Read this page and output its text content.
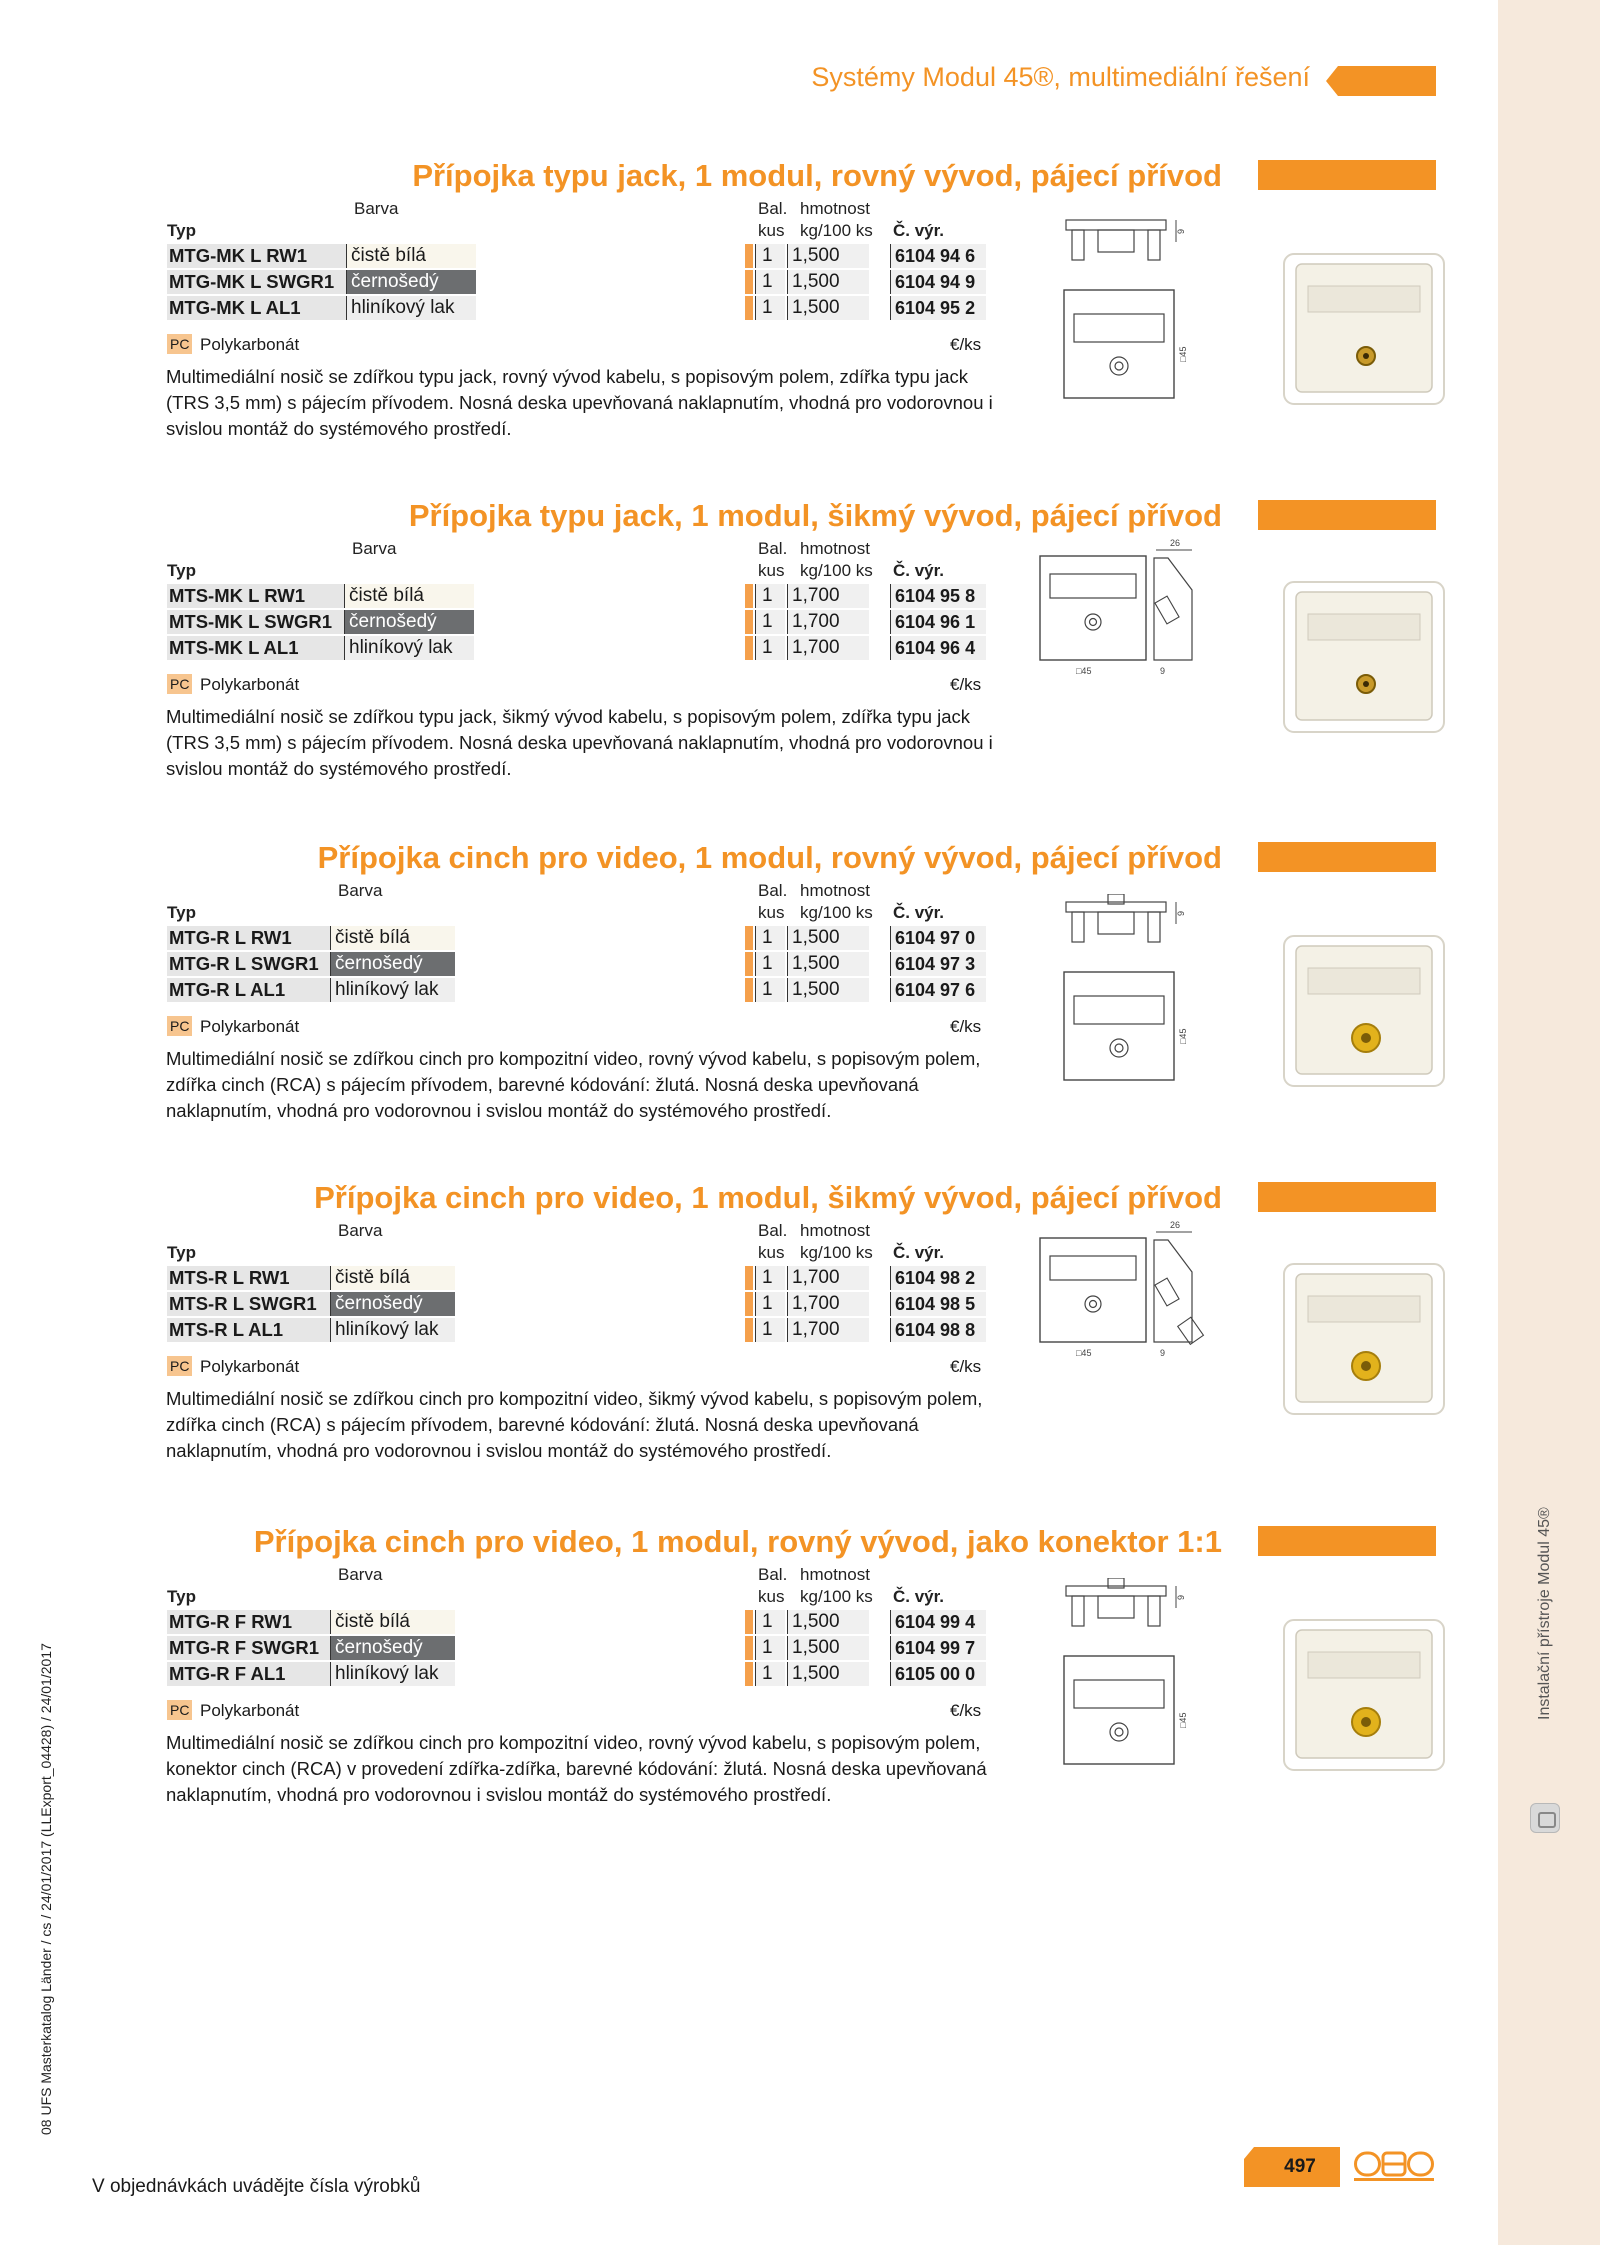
Instalační přístroje Modul 45®
08 UFS Masterkatalog Länder / cs / 24/01/2017 (LLExport_04428) / 24/01/2017
Systémy Modul 45®, multimediální řešení
Přípojka typu jack, 1 modul, rovný vývod, pájecí přívod
Barva
Typ
Bal. hmotnost
kus kg/100 ks Č. výr.
MTG-MK L RW1	čistě bílá	1	1,500	6104 94 6
MTG-MK L SWGR1 černošedý	1	1,500	6104 94 9
MTG-MK L AL1	hliníkový lak	1	1,500	6104 95 2
PC Polykarbonát	€/ks
Multimediální nosič se zdířkou typu jack, rovný vývod kabelu, s popisovým polem, zdířka typu jack (TRS 3,5 mm) s pájecím přívodem. Nosná deska upevňovaná naklapnutím, vhodná pro vodorovnou i svislou montáž do systémového prostředí.
9
□45
Přípojka typu jack, 1 modul, šikmý vývod, pájecí přívod
Barva
Typ
Bal. hmotnost
kus kg/100 ks Č. výr.
MTS-MK L RW1	čistě bílá	1	1,700	6104 95 8
MTS-MK L SWGR1 černošedý	1	1,700	6104 96 1
MTS-MK L AL1	hliníkový lak	1	1,700	6104 96 4
PC Polykarbonát	€/ks
Multimediální nosič se zdířkou typu jack, šikmý vývod kabelu, s popisovým polem, zdířka typu jack (TRS 3,5 mm) s pájecím přívodem. Nosná deska upevňovaná naklapnutím, vhodná pro vodorovnou i svislou montáž do systémového prostředí.
26
□45	9
Přípojka cinch pro video, 1 modul, rovný vývod, pájecí přívod
Barva
Typ
Bal. hmotnost
kus kg/100 ks Č. výr.
MTG-R L RW1	čistě bílá	1	1,500	6104 97 0
MTG-R L SWGR1 černošedý	1	1,500	6104 97 3
MTG-R L AL1	hliníkový lak	1	1,500	6104 97 6
PC Polykarbonát	€/ks
Multimediální nosič se zdířkou cinch pro kompozitní video, rovný vývod kabelu, s popisovým polem, zdířka cinch (RCA) s pájecím přívodem, barevné kódování: žlutá. Nosná deska upevňovaná naklapnutím, vhodná pro vodorovnou i svislou montáž do systémového prostředí.
9
□45
Přípojka cinch pro video, 1 modul, šikmý vývod, pájecí přívod
Barva
Typ
Bal. hmotnost
kus kg/100 ks Č. výr.
MTS-R L RW1	čistě bílá	1	1,700	6104 98 2
MTS-R L SWGR1 černošedý	1	1,700	6104 98 5
MTS-R L AL1	hliníkový lak	1	1,700	6104 98 8
PC Polykarbonát	€/ks
Multimediální nosič se zdířkou cinch pro kompozitní video, šikmý vývod kabelu, s popisovým polem, zdířka cinch (RCA) s pájecím přívodem, barevné kódování: žlutá. Nosná deska upevňovaná naklapnutím, vhodná pro vodorovnou i svislou montáž do systémového prostředí.
26
□45	9
Přípojka cinch pro video, 1 modul, rovný vývod, jako konektor 1:1
Barva
Typ
Bal. hmotnost
kus kg/100 ks Č. výr.
MTG-R F RW1	čistě bílá	1	1,500	6104 99 4
MTG-R F SWGR1 černošedý	1	1,500	6104 99 7
MTG-R F AL1	hliníkový lak	1	1,500	6105 00 0
PC Polykarbonát	€/ks
Multimediální nosič se zdířkou cinch pro kompozitní video, rovný vývod kabelu, s popisovým polem, konektor cinch (RCA) v provedení zdířka-zdířka, barevné kódování: žlutá. Nosná deska upevňovaná naklapnutím, vhodná pro vodorovnou i svislou montáž do systémového prostředí.
9
□45
497
V objednávkách uvádějte čísla výrobků
